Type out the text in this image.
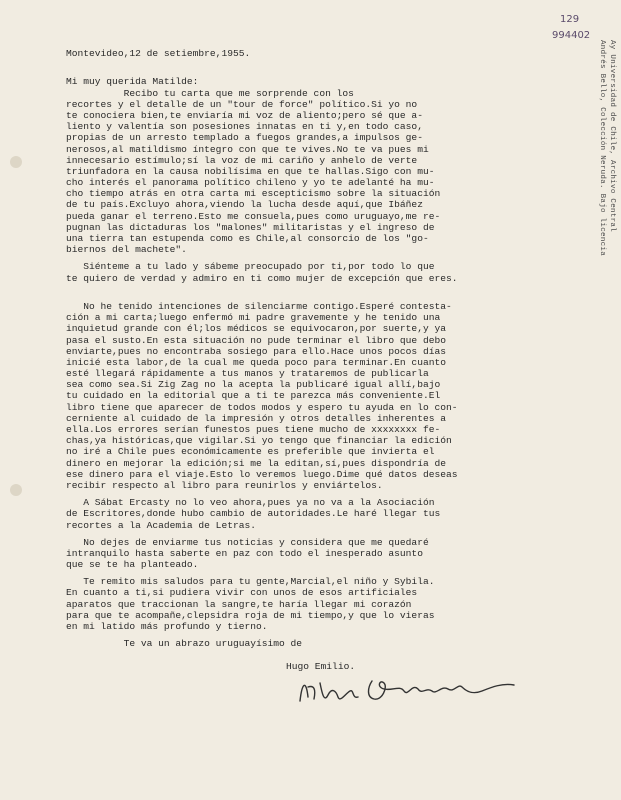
129
994402
Ay Universidad de Chile, Archivo Central
Andrés Bello, Colección Neruda. Bajo licencia
Montevideo,12 de setiembre,1955.
Mi muy querida Matilde:
Recibo tu carta que me sorprende con los
recortes y el detalle de un "tour de force" político.Si yo no
te conociera bien,te enviaría mi voz de aliento;pero sé que a-
liento y valentía son posesiones innatas en ti y,en todo caso,
propias de un arresto templado a fuegos grandes,a impulsos ge-
nerosos,al matildismo íntegro con que te vives.No te va pues mi
innecesario estímulo;sí la voz de mi cariño y anhelo de verte
triunfadora en la causa nobilísima en que te hallas.Sigo con mu-
cho interés el panorama político chileno y yo te adelanté ha mu-
cho tiempo atrás en otra carta mi escepticismo sobre la situación
de tu país.Excluyo ahora,viendo la lucha desde aquí,que Ibáñez
pueda ganar el terreno.Esto me consuela,pues como uruguayo,me re-
pugnan las dictaduras los "malones" militaristas y el ingreso de
una tierra tan estupenda como es Chile,al consorcio de los "go-
biernos del machete".
Siénteme a tu lado y sábeme preocupado por ti,por todo lo que
te quiero de verdad y admiro en ti como mujer de excepción que eres.
No he tenido intenciones de silenciarme contigo.Esperé contesta-
ción a mi carta;luego enfermó mi padre gravemente y he tenido una
inquietud grande con él;los médicos se equivocaron,por suerte,y ya
pasa el susto.En esta situación no pude terminar el libro que debo
enviarte,pues no encontraba sosiego para ello.Hace unos pocos días
inicié esta labor,de la cual me queda poco para terminar.En cuanto
esté llegará rápidamente a tus manos y trataremos de publicarla
sea como sea.Si Zig Zag no la acepta la publicaré igual allí,bajo
tu cuidado en la editorial que a ti te parezca más conveniente.El
libro tiene que aparecer de todos modos y espero tu ayuda en lo con-
cerniente al cuidado de la impresión y otros detalles inherentes a
ella.Los errores serían funestos pues tiene mucho de xxxxxxxx fe-
chas,ya históricas,que vigilar.Si yo tengo que financiar la edición
no iré a Chile pues económicamente es preferible que invierta el
dinero en mejorar la edición;si me la editan,sí,pues dispondría de
ese dinero para el viaje.Esto lo veremos luego.Dime qué datos deseas
recibir respecto al libro para reunirlos y enviártelos.
A Sábat Ercasty no lo veo ahora,pues ya no va a la Asociación
de Escritores,donde hubo cambio de autoridades.Le haré llegar tus
recortes a la Academia de Letras.
No dejes de enviarme tus noticias y considera que me quedaré
intranquilo hasta saberte en paz con todo el inesperado asunto
que se te ha planteado.
Te remito mis saludos para tu gente,Marcial,el niño y Sybila.
En cuanto a ti,si pudiera vivir con unos de esos artificiales
aparatos que traccionan la sangre,te haría llegar mi corazón
para que te acompañe,clepsidra roja de mi tiempo,y que lo vieras
en mi latido más profundo y tierno.
Te va un abrazo uruguayísimo de
Hugo Emilio.
